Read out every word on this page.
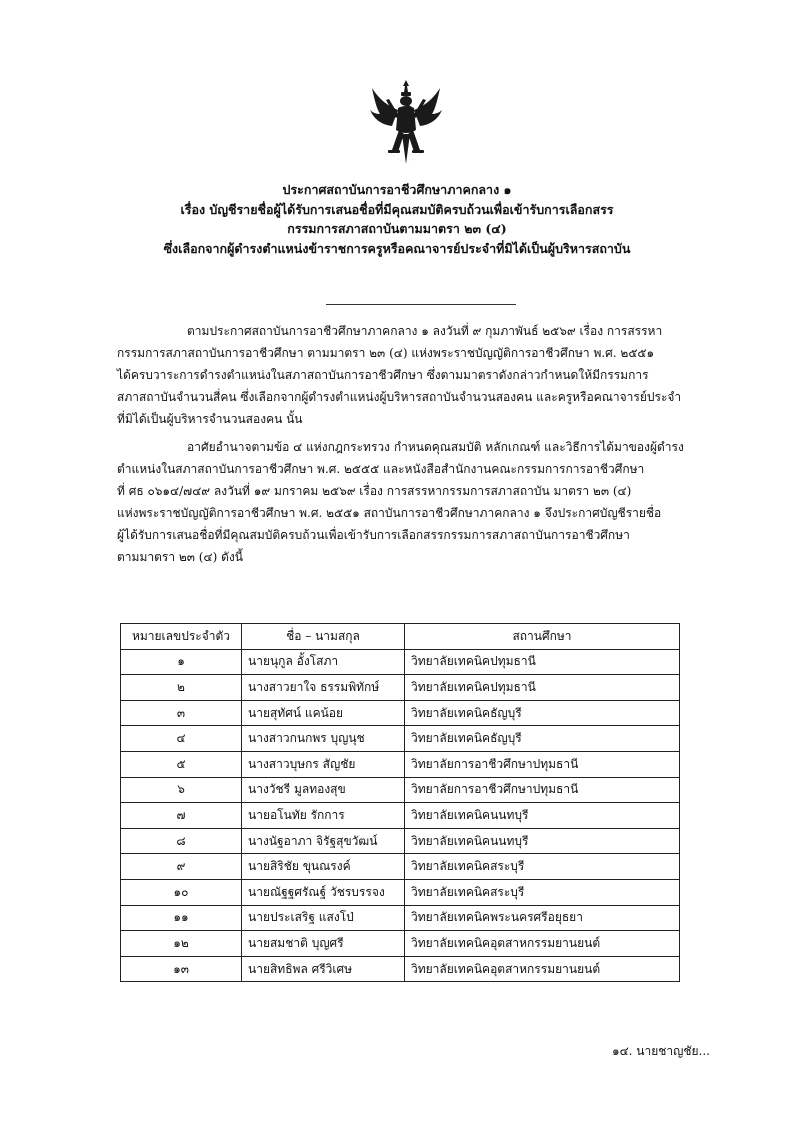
ประกาศสถาบันการอาชีวศึกษาภาคกลาง ๑
เรื่อง บัญชีรายชื่อผู้ได้รับการเสนอชื่อที่มีคุณสมบัติครบถ้วนเพื่อเข้ารับการเลือกสรร
กรรมการสภาสถาบันตามมาตรา ๒๓ (๔)
ซึ่งเลือกจากผู้ดำรงตำแหน่งข้าราชการครูหรือคณาจารย์ประจำที่มิได้เป็นผู้บริหารสถาบัน
ตามประกาศสถาบันการอาชีวศึกษาภาคกลาง ๑ ลงวันที่ ๙ กุมภาพันธ์ ๒๕๖๙ เรื่อง การสรรหา
กรรมการสภาสถาบันการอาชีวศึกษา ตามมาตรา ๒๓ (๔) แห่งพระราชบัญญัติการอาชีวศึกษา พ.ศ. ๒๕๕๑
ได้ครบวาระการดำรงตำแหน่งในสภาสถาบันการอาชีวศึกษา ซึ่งตามมาตราดังกล่าวกำหนดให้มีกรรมการ
สภาสถาบันจำนวนสี่คน ซึ่งเลือกจากผู้ดำรงตำแหน่งผู้บริหารสถาบันจำนวนสองคน และครูหรือคณาจารย์ประจำ
ที่มิได้เป็นผู้บริหารจำนวนสองคน นั้น
อาศัยอำนาจตามข้อ ๔ แห่งกฎกระทรวง กำหนดคุณสมบัติ หลักเกณฑ์ และวิธีการได้มาของผู้ดำรง
ตำแหน่งในสภาสถาบันการอาชีวศึกษา พ.ศ. ๒๕๕๕ และหนังสือสำนักงานคณะกรรมการการอาชีวศึกษา
ที่ ศธ ๐๖๑๔/๗๔๙ ลงวันที่ ๑๙ มกราคม ๒๕๖๙ เรื่อง การสรรหากรรมการสภาสถาบัน มาตรา ๒๓ (๔)
แห่งพระราชบัญญัติการอาชีวศึกษา พ.ศ. ๒๕๕๑ สถาบันการอาชีวศึกษาภาคกลาง ๑ จึงประกาศบัญชีรายชื่อ
ผู้ได้รับการเสนอชื่อที่มีคุณสมบัติครบถ้วนเพื่อเข้ารับการเลือกสรรกรรมการสภาสถาบันการอาชีวศึกษา
ตามมาตรา ๒๓ (๔) ดังนี้
หมายเลขประจำตัว	ชื่อ – นามสกุล	สถานศึกษา
๑	นายนุกูล อั้งโสภา	วิทยาลัยเทคนิคปทุมธานี
๒	นางสาวยาใจ ธรรมพิทักษ์	วิทยาลัยเทคนิคปทุมธานี
๓	นายสุทัศน์ แคน้อย	วิทยาลัยเทคนิคธัญบุรี
๔	นางสาวกนกพร บุญนุช	วิทยาลัยเทคนิคธัญบุรี
๕	นางสาวบุษกร สัญชัย	วิทยาลัยการอาชีวศึกษาปทุมธานี
๖	นางวัชรี มูลทองสุข	วิทยาลัยการอาชีวศึกษาปทุมธานี
๗	นายอโนทัย รักการ	วิทยาลัยเทคนิคนนทบุรี
๘	นางนัฐอาภา จิรัฐสุขวัฒน์	วิทยาลัยเทคนิคนนทบุรี
๙	นายสิริชัย ขุนณรงค์	วิทยาลัยเทคนิคสระบุรี
๑๐	นายณัฐฐศรัณฐ์ วัชรบรรจง	วิทยาลัยเทคนิคสระบุรี
๑๑	นายประเสริฐ แสงโป่	วิทยาลัยเทคนิคพระนครศรีอยุธยา
๑๒	นายสมชาติ บุญศรี	วิทยาลัยเทคนิคอุตสาหกรรมยานยนต์
๑๓	นายสิทธิพล ศรีวิเศษ	วิทยาลัยเทคนิคอุตสาหกรรมยานยนต์
๑๔. นายชาญชัย...
